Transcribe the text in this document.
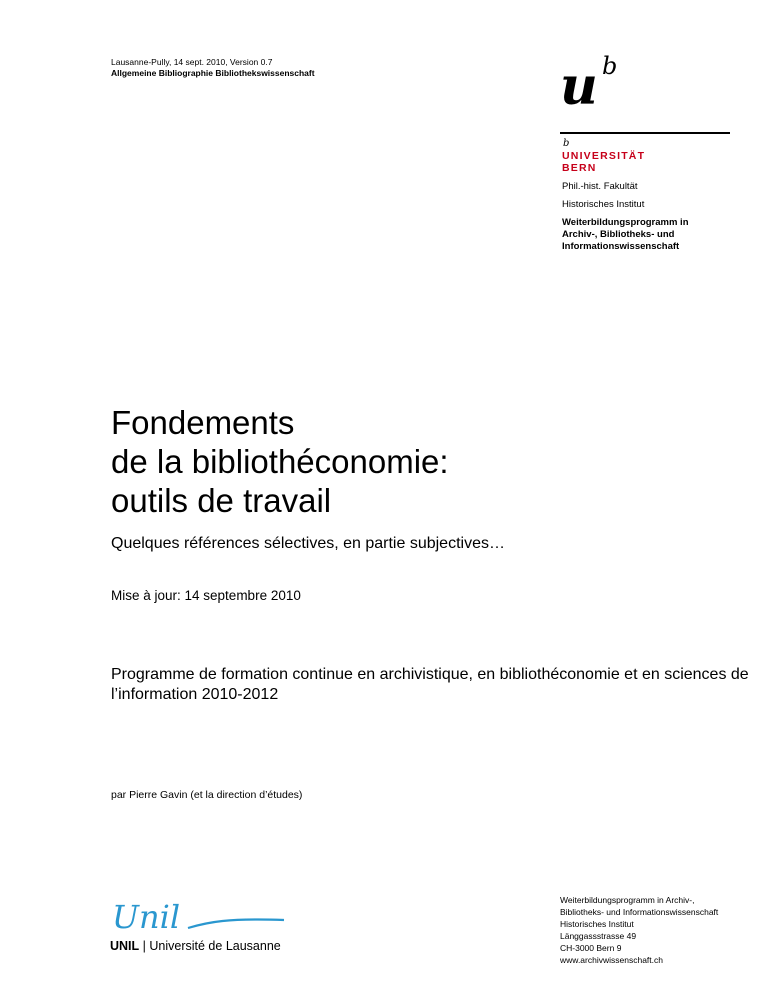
Lausanne-Pully, 14 sept. 2010, Version 0.7
Allgemeine Bibliographie Bibliothekswissenschaft	u b
b
UNIVERSITÄT
BERN
Phil.-hist. Fakultät
Historisches Institut
Weiterbildungsprogramm in
Archiv-, Bibliotheks- und
Informationswissenschaft
Fondements
de la bibliothéconomie:
outils de travail
Quelques références sélectives, en partie subjectives…
Mise à jour: 14 septembre 2010
Programme de formation continue en archivistique, en bibliothéconomie et en sciences de l’information 2010-2012
par Pierre Gavin (et la direction d’études)
Unil
UNIL | Université de Lausanne
Weiterbildungsprogramm in Archiv-,
Bibliotheks- und Informationswissenschaft
Historisches Institut
Länggassstrasse 49
CH-3000 Bern 9
www.archivwissenschaft.ch
